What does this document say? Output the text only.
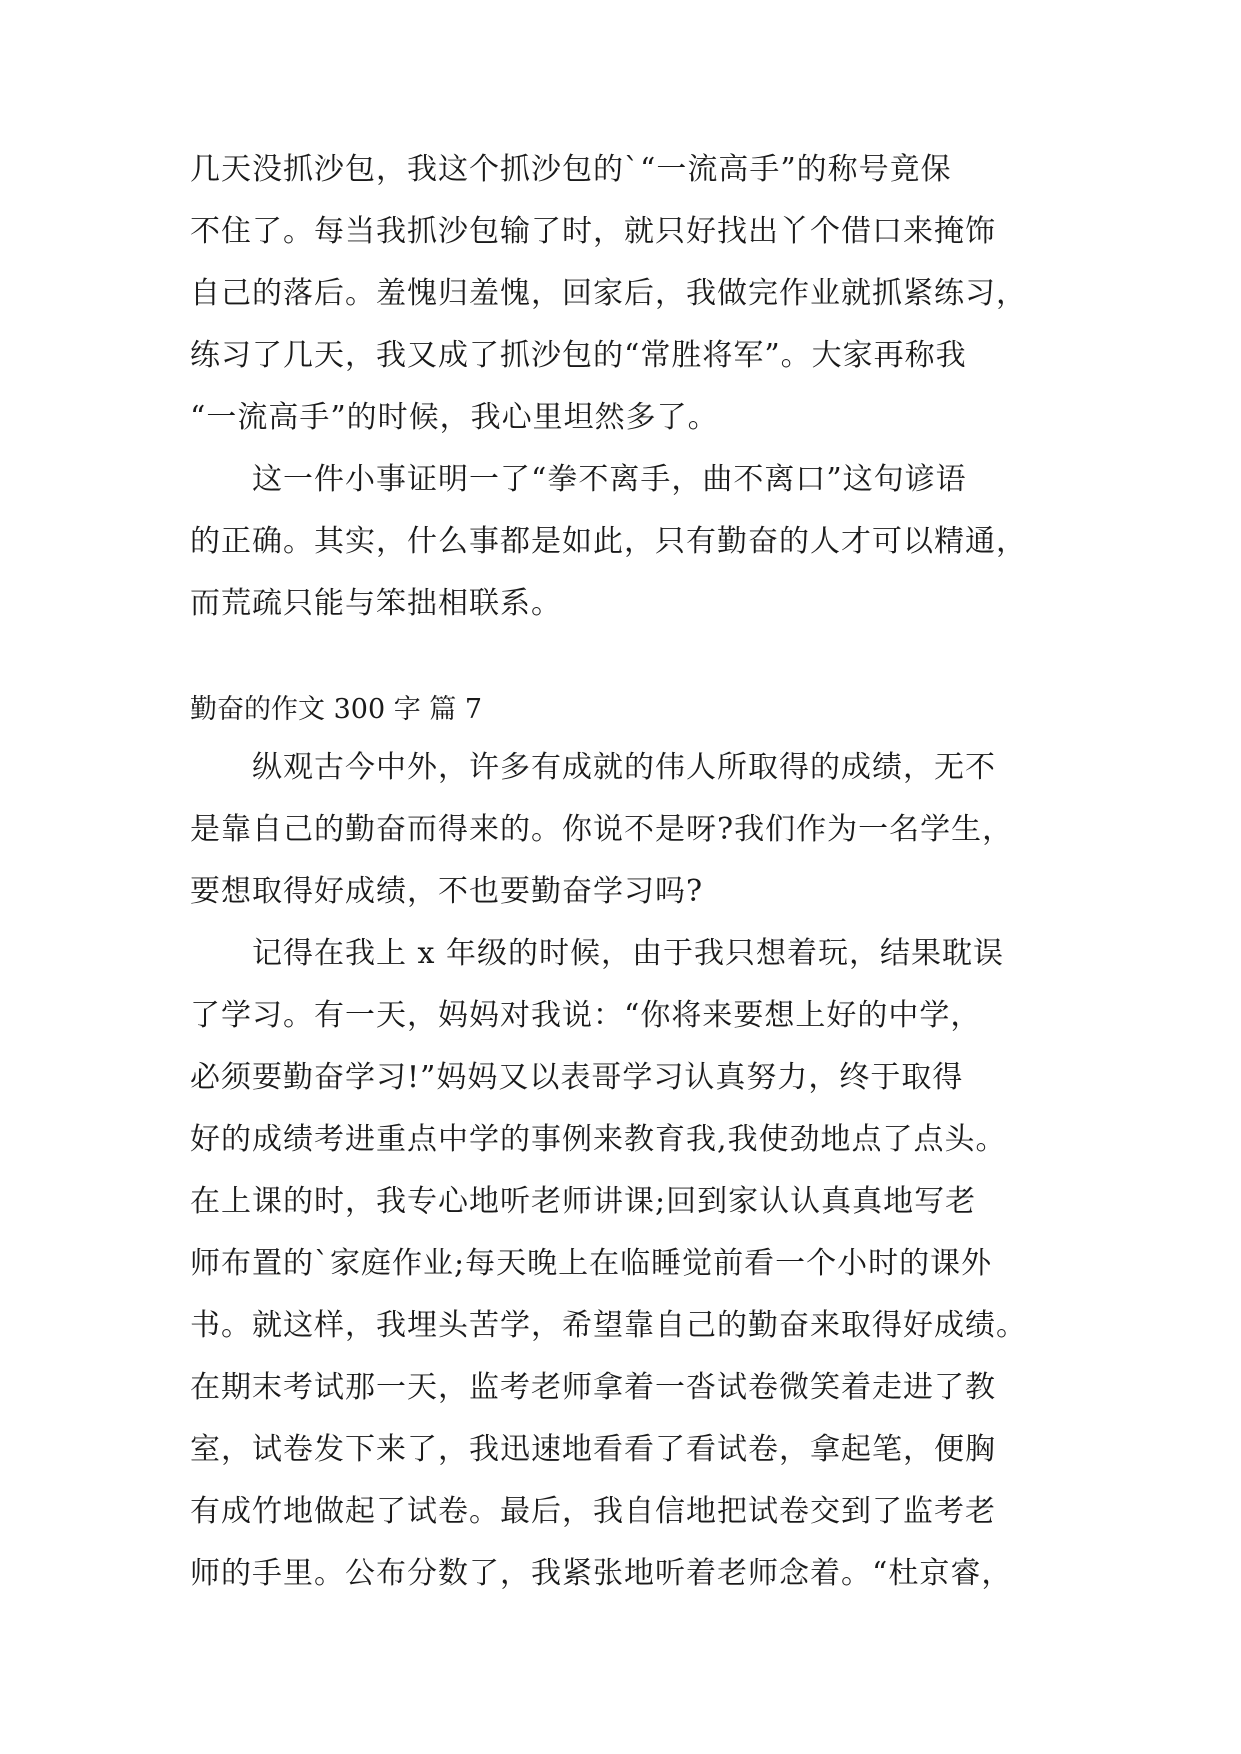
几天没抓沙包，我这个抓沙包的`“一流高手”的称号竟保
不住了。每当我抓沙包输了时，就只好找出丫个借口来掩饰
自己的落后。羞愧归羞愧，回家后，我做完作业就抓紧练习，
练习了几天，我又成了抓沙包的“常胜将军”。大家再称我
“一流高手”的时候，我心里坦然多了。
　　这一件小事证明一了“拳不离手，曲不离口”这句谚语
的正确。其实，什么事都是如此，只有勤奋的人才可以精通，
而荒疏只能与笨拙相联系。
勤奋的作文 300 字 篇 7
　　纵观古今中外，许多有成就的伟人所取得的成绩，无不
是靠自己的勤奋而得来的。你说不是呀?我们作为一名学生，
要想取得好成绩，不也要勤奋学习吗?
　　记得在我上 x 年级的时候，由于我只想着玩，结果耽误
了学习。有一天，妈妈对我说：“你将来要想上好的中学，
必须要勤奋学习!”妈妈又以表哥学习认真努力，终于取得
好的成绩考进重点中学的事例来教育我,我使劲地点了点头。
在上课的时，我专心地听老师讲课;回到家认认真真地写老
师布置的`家庭作业;每天晚上在临睡觉前看一个小时的课外
书。就这样，我埋头苦学，希望靠自己的勤奋来取得好成绩。
在期末考试那一天，监考老师拿着一沓试卷微笑着走进了教
室，试卷发下来了，我迅速地看看了看试卷，拿起笔，便胸
有成竹地做起了试卷。最后，我自信地把试卷交到了监考老
师的手里。公布分数了，我紧张地听着老师念着。“杜京睿，
